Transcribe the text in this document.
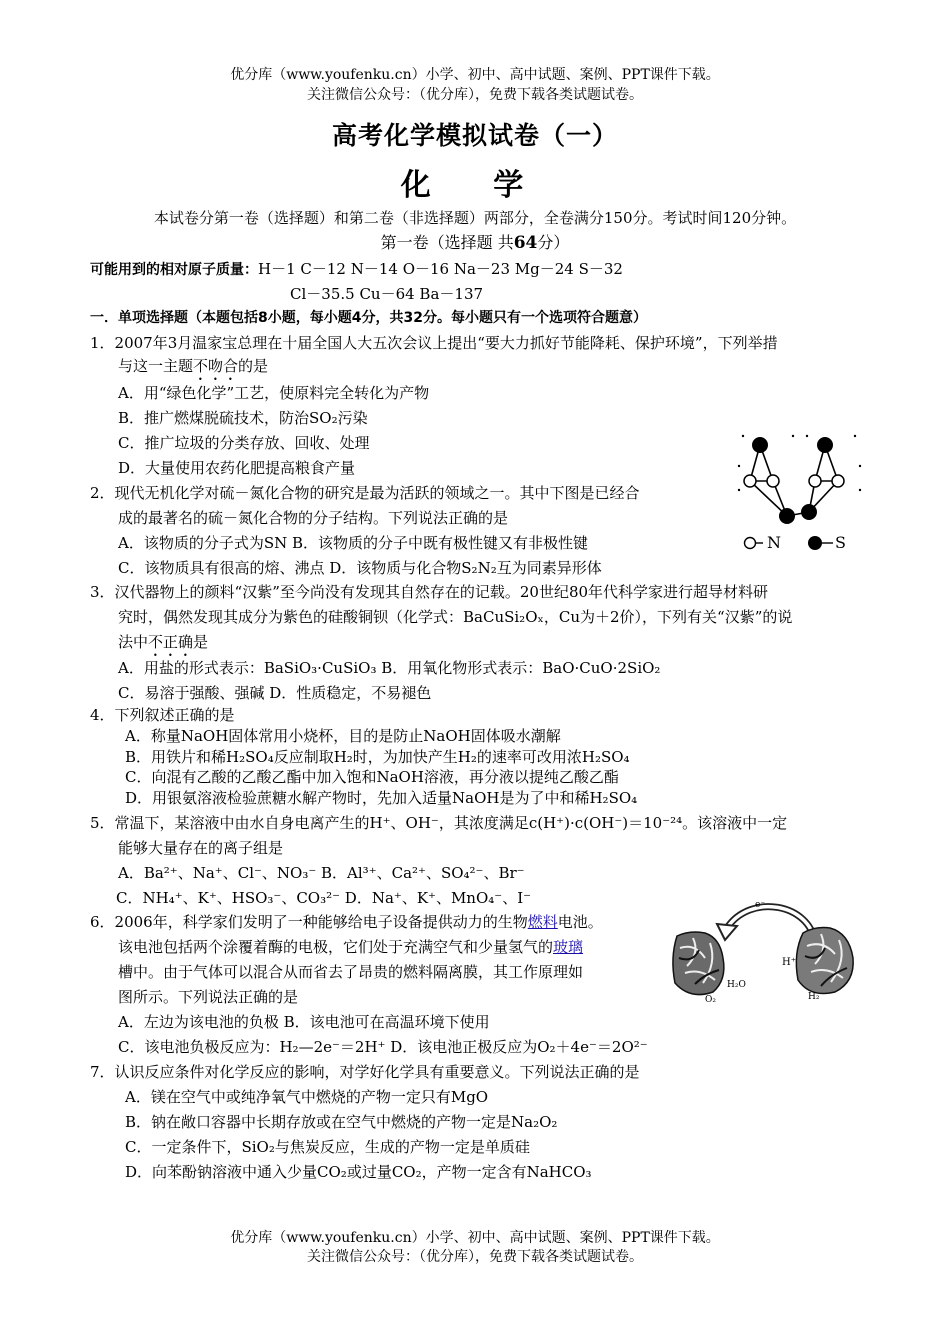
优分库（www.youfenku.cn）小学、初中、高中试题、案例、PPT课件下载。
关注微信公众号：（优分库），免费下载各类试题试卷。
高考化学模拟试卷（一）
化 学
本试卷分第一卷（选择题）和第二卷（非选择题）两部分，全卷满分150分。考试时间120分钟。
第一卷（选择题 共64分）
可能用到的相对原子质量：H－1 C－12 N－14 O－16 Na－23 Mg－24 S－32
Cl－35.5 Cu－64 Ba－137
一．单项选择题（本题包括8小题，每小题4分，共32分。每小题只有一个选项符合题意）
1．2007年3月温家宝总理在十届全国人大五次会议上提出“要大力抓好节能降耗、保护环境”，下列举措
与这一主题不吻合的是
A．用“绿色化学”工艺，使原料完全转化为产物
B．推广燃煤脱硫技术，防治SO₂污染
C．推广垃圾的分类存放、回收、处理
D．大量使用农药化肥提高粮食产量
2．现代无机化学对硫－氮化合物的研究是最为活跃的领域之一。其中下图是已经合
成的最著名的硫－氮化合物的分子结构。下列说法正确的是
A．该物质的分子式为SN B．该物质的分子中既有极性键又有非极性键
C．该物质具有很高的熔、沸点 D．该物质与化合物S₂N₂互为同素异形体
N	S
3．汉代器物上的颜料“汉紫”至今尚没有发现其自然存在的记载。20世纪80年代科学家进行超导材料研
究时，偶然发现其成分为紫色的硅酸铜钡（化学式：BaCuSi₂Oₓ，Cu为＋2价），下列有关“汉紫”的说
法中不正确是
A．用盐的形式表示：BaSiO₃·CuSiO₃ B．用氧化物形式表示：BaO·CuO·2SiO₂
C．易溶于强酸、强碱 D．性质稳定，不易褪色
4．下列叙述正确的是
A．称量NaOH固体常用小烧杯，目的是防止NaOH固体吸水潮解
B．用铁片和稀H₂SO₄反应制取H₂时，为加快产生H₂的速率可改用浓H₂SO₄
C．向混有乙酸的乙酸乙酯中加入饱和NaOH溶液，再分液以提纯乙酸乙酯
D．用银氨溶液检验蔗糖水解产物时，先加入适量NaOH是为了中和稀H₂SO₄
5．常温下，某溶液中由水自身电离产生的H⁺、OH⁻，其浓度满足c(H⁺)·c(OH⁻)＝10⁻²⁴。该溶液中一定
能够大量存在的离子组是
A．Ba²⁺、Na⁺、Cl⁻、NO₃⁻ B．Al³⁺、Ca²⁺、SO₄²⁻、Br⁻
C．NH₄⁺、K⁺、HSO₃⁻、CO₃²⁻ D．Na⁺、K⁺、MnO₄⁻、I⁻
6．2006年，科学家们发明了一种能够给电子设备提供动力的生物燃料电池。
该电池包括两个涂覆着酶的电极，它们处于充满空气和少量氢气的玻璃
槽中。由于气体可以混合从而省去了昂贵的燃料隔离膜，其工作原理如
图所示。下列说法正确的是
A．左边为该电池的负极 B．该电池可在高温环境下使用
C．该电池负极反应为：H₂—2e⁻＝2H⁺ D．该电池正极反应为O₂＋4e⁻＝2O²⁻
e⁻
H⁺
H₂O
O₂	H₂
7．认识反应条件对化学反应的影响，对学好化学具有重要意义。下列说法正确的是
A．镁在空气中或纯净氧气中燃烧的产物一定只有MgO
B．钠在敞口容器中长期存放或在空气中燃烧的产物一定是Na₂O₂
C．一定条件下，SiO₂与焦炭反应，生成的产物一定是单质硅
D．向苯酚钠溶液中通入少量CO₂或过量CO₂，产物一定含有NaHCO₃
优分库（www.youfenku.cn）小学、初中、高中试题、案例、PPT课件下载。
关注微信公众号：（优分库），免费下载各类试题试卷。
